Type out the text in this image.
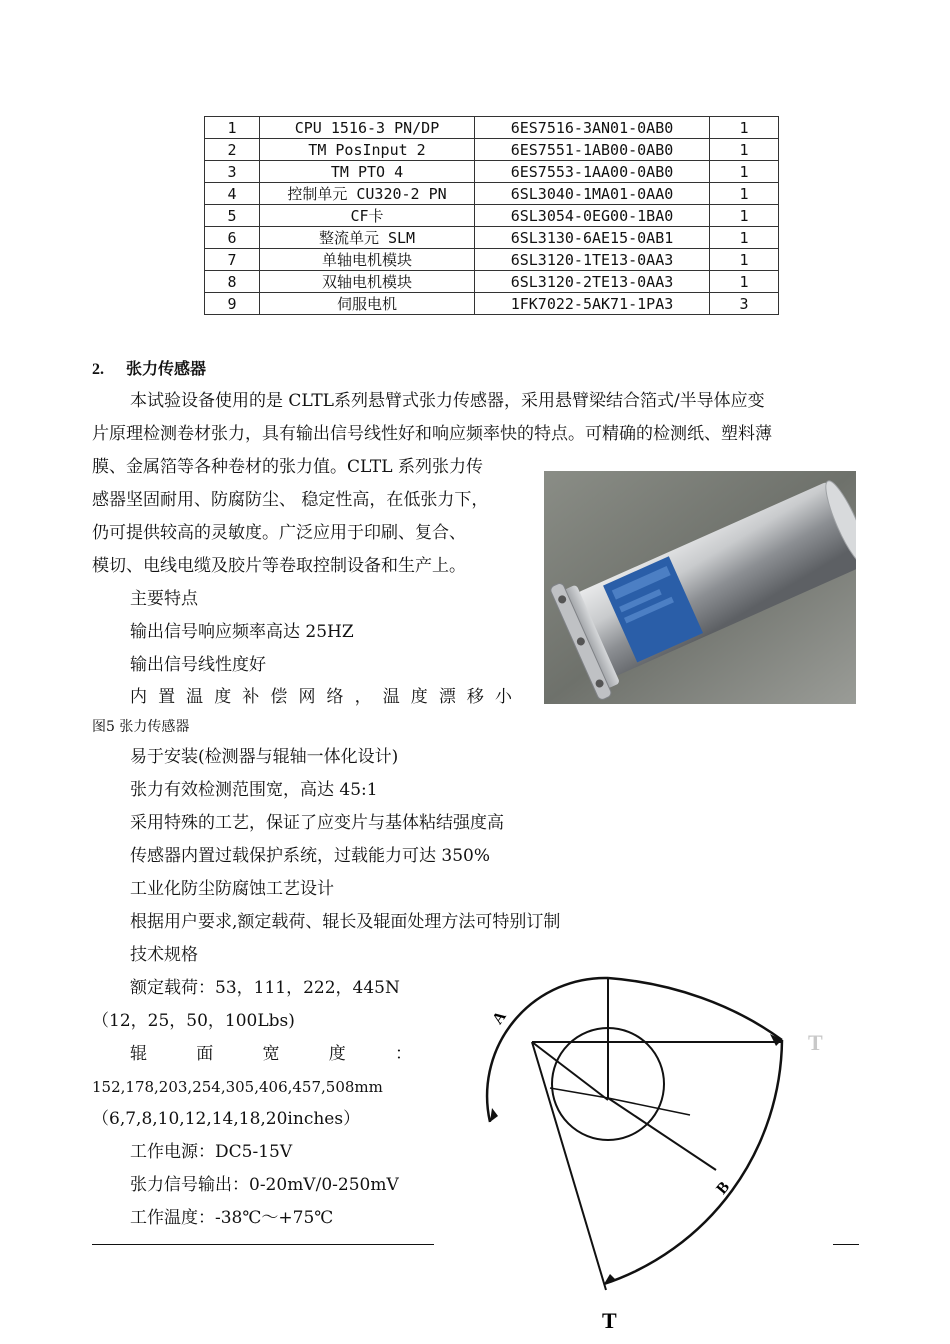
1	CPU 1516-3 PN/DP	6ES7516-3AN01-0AB0	1
2	TM PosInput 2	6ES7551-1AB00-0AB0	1
3	TM PTO 4	6ES7553-1AA00-0AB0	1
4	控制单元 CU320-2 PN	6SL3040-1MA01-0AA0	1
5	CF卡	6SL3054-0EG00-1BA0	1
6	整流单元 SLM	6SL3130-6AE15-0AB1	1
7	单轴电机模块	6SL3120-1TE13-0AA3	1
8	双轴电机模块	6SL3120-2TE13-0AA3	1
9	伺服电机	1FK7022-5AK71-1PA3	3
2. 张力传感器
本试验设备使用的是 CLTL系列悬臂式张力传感器，采用悬臂梁结合箔式/半导体应变
片原理检测卷材张力，具有输出信号线性好和响应频率快的特点。可精确的检测纸、塑料薄
膜、金属箔等各种卷材的张力值。CLTL 系列张力传
感器坚固耐用、防腐防尘、 稳定性高，在低张力下，
仍可提供较高的灵敏度。广泛应用于印刷、复合、
模切、电线电缆及胶片等卷取控制设备和生产上。
主要特点
输出信号响应频率高达 25HZ
输出信号线性度好
内置温度补偿网络，温度漂移小
图5 张力传感器
易于安装(检测器与辊轴一体化设计)
张力有效检测范围宽，高达 45:1
采用特殊的工艺，保证了应变片与基体粘结强度高
传感器内置过载保护系统，过载能力可达 350%
工业化防尘防腐蚀工艺设计
根据用户要求,额定载荷、辊长及辊面处理方法可特别订制
技术规格
额定载荷：53，111，222，445N
（12，25，50，100Lbs)
辊面宽度：
152,178,203,254,305,406,457,508mm
（6,7,8,10,12,14,18,20inches）
工作电源：DC5-15V
张力信号输出：0-20mV/0-250mV
工作温度：-38℃～+75℃
A
B
T
T
